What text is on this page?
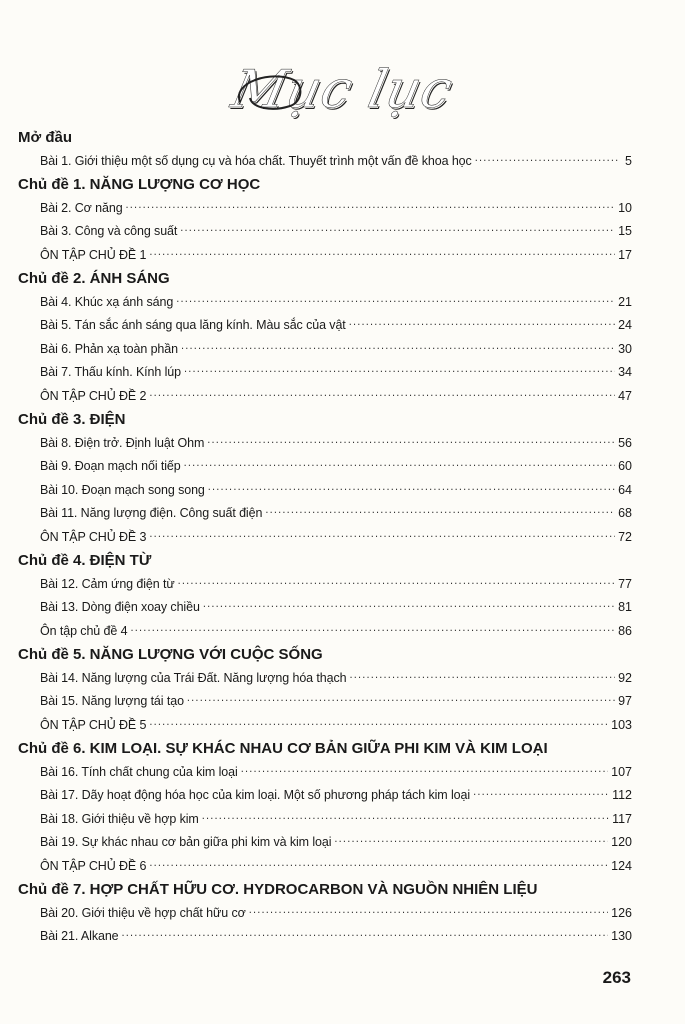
Mục lục
Mở đầu
Bài 1. Giới thiệu một số dụng cụ và hóa chất. Thuyết trình một vấn đề khoa học .....	5
Chủ đề 1. NĂNG LƯỢNG CƠ HỌC
Bài 2. Cơ năng .....	10
Bài 3. Công và công suất .....	15
ÔN TẬP CHỦ ĐỀ 1 .....	17
Chủ đề 2. ÁNH SÁNG
Bài 4. Khúc xạ ánh sáng .....	21
Bài 5. Tán sắc ánh sáng qua lăng kính. Màu sắc của vật .....	24
Bài 6. Phản xạ toàn phần .....	30
Bài 7. Thấu kính. Kính lúp .....	34
ÔN TẬP CHỦ ĐỀ 2 .....	47
Chủ đề 3. ĐIỆN
Bài 8. Điện trở. Định luật Ohm .....	56
Bài 9. Đoạn mạch nối tiếp .....	60
Bài 10. Đoạn mạch song song .....	64
Bài 11. Năng lượng điện. Công suất điện .....	68
ÔN TẬP CHỦ ĐỀ 3 .....	72
Chủ đề 4. ĐIỆN TỪ
Bài 12. Cảm ứng điện từ .....	77
Bài 13. Dòng điện xoay chiều .....	81
Ôn tập chủ đề 4 .....	86
Chủ đề 5. NĂNG LƯỢNG VỚI CUỘC SỐNG
Bài 14. Năng lượng của Trái Đất. Năng lượng hóa thạch .....	92
Bài 15. Năng lượng tái tạo .....	97
ÔN TẬP CHỦ ĐỀ 5 .....	103
Chủ đề 6. KIM LOẠI. SỰ KHÁC NHAU CƠ BẢN GIỮA PHI KIM VÀ KIM LOẠI
Bài 16. Tính chất chung của kim loại .....	107
Bài 17. Dãy hoạt động hóa học của kim loại. Một số phương pháp tách kim loại .....	112
Bài 18. Giới thiệu về hợp kim .....	117
Bài 19. Sự khác nhau cơ bản giữa phi kim và kim loại .....	120
ÔN TẬP CHỦ ĐỀ 6 .....	124
Chủ đề 7. HỢP CHẤT HỮU CƠ. HYDROCARBON VÀ NGUỒN NHIÊN LIỆU
Bài 20. Giới thiệu về hợp chất hữu cơ .....	126
Bài 21. Alkane .....	130
263
